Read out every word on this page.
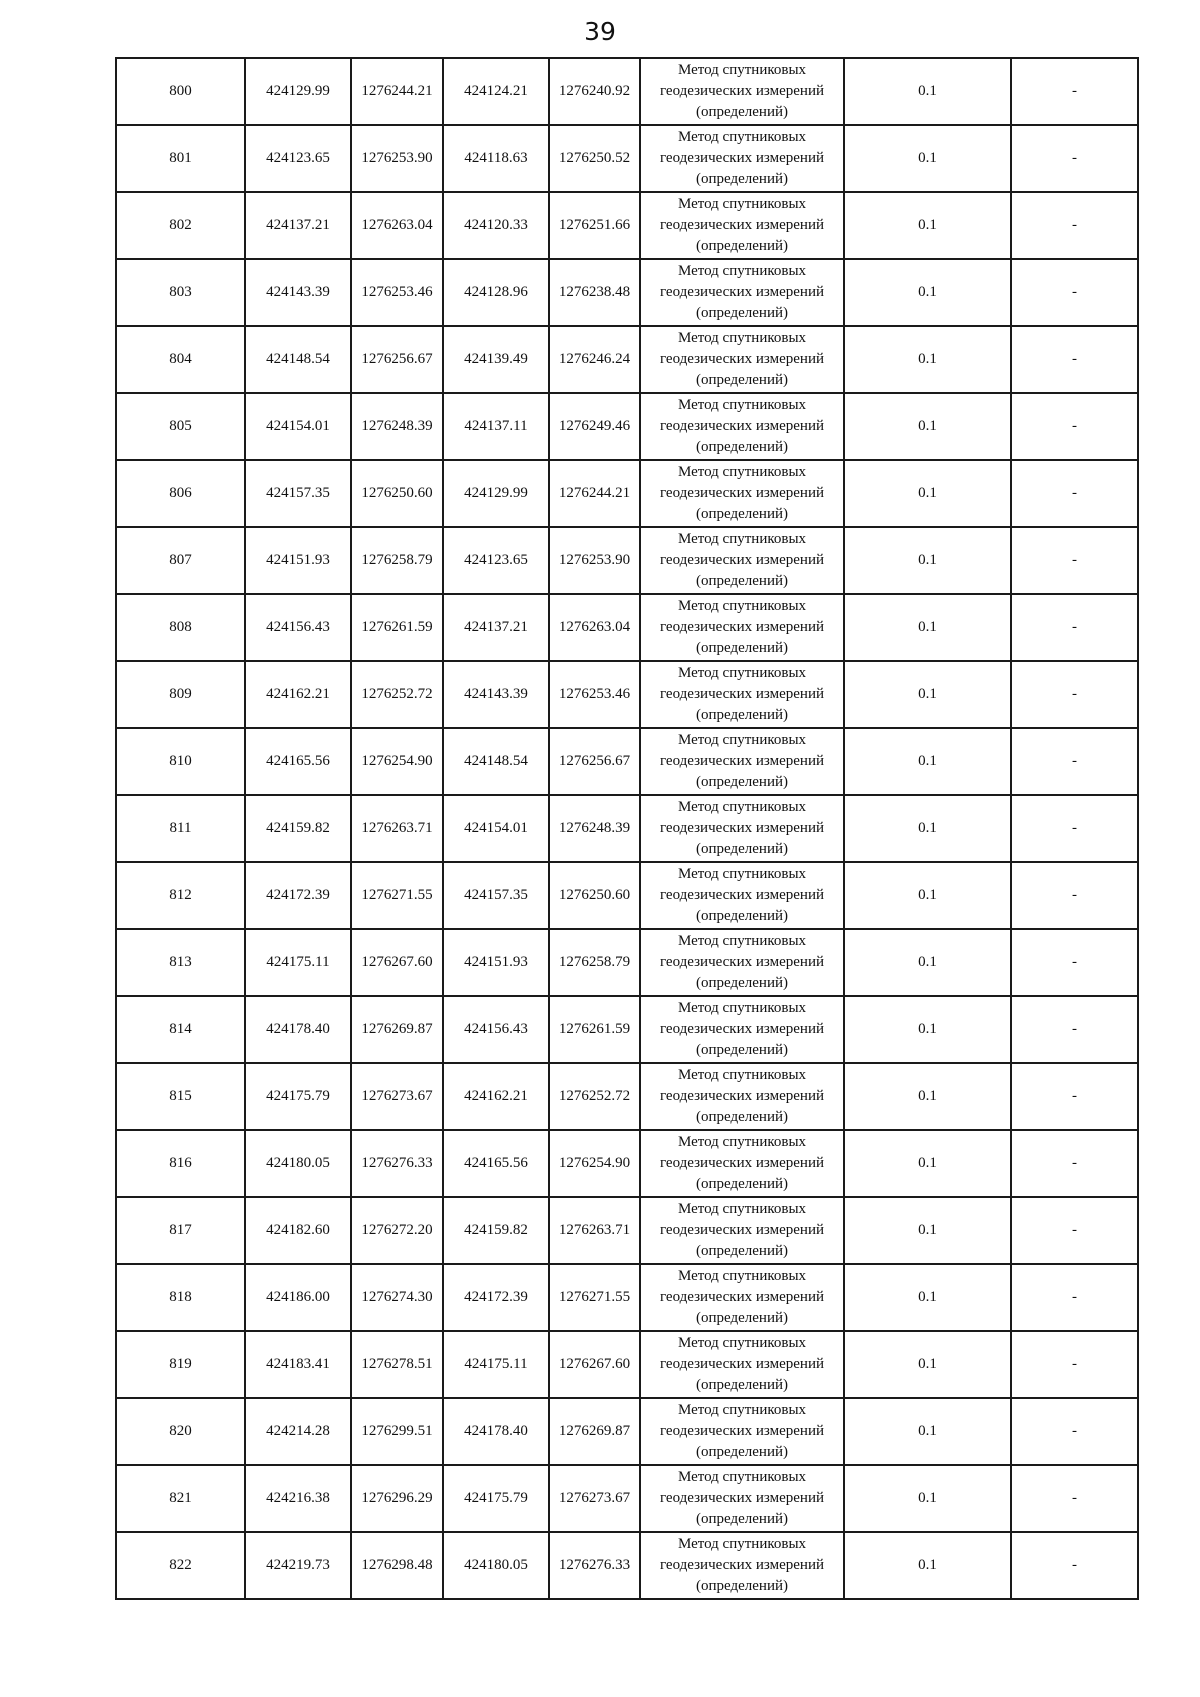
39
800	424129.99	1276244.21	424124.21	1276240.92	Метод спутниковых
геодезических измерений
(определений)	0.1	-
801	424123.65	1276253.90	424118.63	1276250.52	Метод спутниковых
геодезических измерений
(определений)	0.1	-
802	424137.21	1276263.04	424120.33	1276251.66	Метод спутниковых
геодезических измерений
(определений)	0.1	-
803	424143.39	1276253.46	424128.96	1276238.48	Метод спутниковых
геодезических измерений
(определений)	0.1	-
804	424148.54	1276256.67	424139.49	1276246.24	Метод спутниковых
геодезических измерений
(определений)	0.1	-
805	424154.01	1276248.39	424137.11	1276249.46	Метод спутниковых
геодезических измерений
(определений)	0.1	-
806	424157.35	1276250.60	424129.99	1276244.21	Метод спутниковых
геодезических измерений
(определений)	0.1	-
807	424151.93	1276258.79	424123.65	1276253.90	Метод спутниковых
геодезических измерений
(определений)	0.1	-
808	424156.43	1276261.59	424137.21	1276263.04	Метод спутниковых
геодезических измерений
(определений)	0.1	-
809	424162.21	1276252.72	424143.39	1276253.46	Метод спутниковых
геодезических измерений
(определений)	0.1	-
810	424165.56	1276254.90	424148.54	1276256.67	Метод спутниковых
геодезических измерений
(определений)	0.1	-
811	424159.82	1276263.71	424154.01	1276248.39	Метод спутниковых
геодезических измерений
(определений)	0.1	-
812	424172.39	1276271.55	424157.35	1276250.60	Метод спутниковых
геодезических измерений
(определений)	0.1	-
813	424175.11	1276267.60	424151.93	1276258.79	Метод спутниковых
геодезических измерений
(определений)	0.1	-
814	424178.40	1276269.87	424156.43	1276261.59	Метод спутниковых
геодезических измерений
(определений)	0.1	-
815	424175.79	1276273.67	424162.21	1276252.72	Метод спутниковых
геодезических измерений
(определений)	0.1	-
816	424180.05	1276276.33	424165.56	1276254.90	Метод спутниковых
геодезических измерений
(определений)	0.1	-
817	424182.60	1276272.20	424159.82	1276263.71	Метод спутниковых
геодезических измерений
(определений)	0.1	-
818	424186.00	1276274.30	424172.39	1276271.55	Метод спутниковых
геодезических измерений
(определений)	0.1	-
819	424183.41	1276278.51	424175.11	1276267.60	Метод спутниковых
геодезических измерений
(определений)	0.1	-
820	424214.28	1276299.51	424178.40	1276269.87	Метод спутниковых
геодезических измерений
(определений)	0.1	-
821	424216.38	1276296.29	424175.79	1276273.67	Метод спутниковых
геодезических измерений
(определений)	0.1	-
822	424219.73	1276298.48	424180.05	1276276.33	Метод спутниковых
геодезических измерений
(определений)	0.1	-
